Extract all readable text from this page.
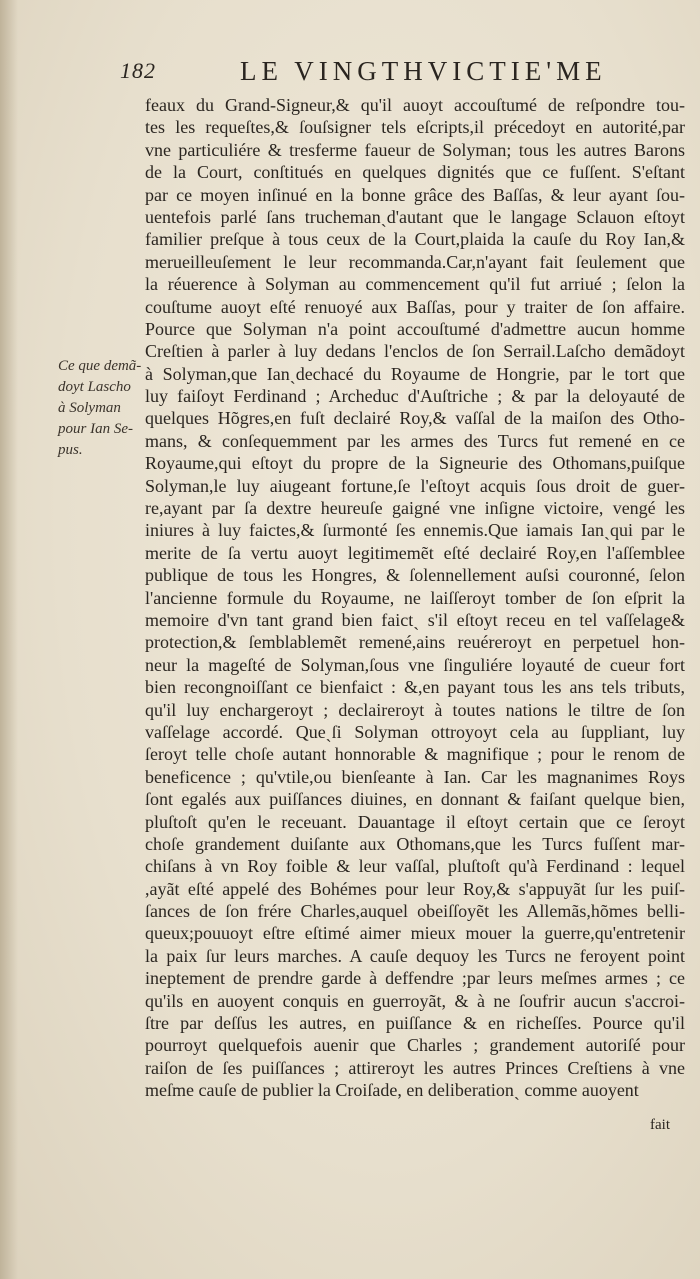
182	LE VINGTHVICTIE'ME
Ce que demã-
doyt Lascho
à Solyman
pour Ian Se-
pus.
feaux du Grand-Signeur,& qu'il auoyt accouſtumé de reſpondre tou-
tes les requeſtes,& ſouſsigner tels eſcripts,il précedoyt en autorité,par
vne particuliére & tresferme faueur de Solyman; tous les autres Barons
de la Court, conſtitués en quelques dignités que ce fuſſent. S'eſtant
par ce moyen inſinué en la bonne grâce des Baſſas, & leur ayant ſou-
uentefois parlé ſans truchemanˏd'autant que le langage Sclauon eſtoyt
familier preſque à tous ceux de la Court,plaida la cauſe du Roy Ian,&
merueilleuſement le leur recommanda.Car,n'ayant fait ſeulement que
la réuerence à Solyman au commencement qu'il fut arriué ; ſelon la
couſtume auoyt eſté renuoyé aux Baſſas, pour y traiter de ſon affaire.
Pource que Solyman n'a point accouſtumé d'admettre aucun homme
Creſtien à parler à luy dedans l'enclos de ſon Serrail.Laſcho demãdoyt
à Solyman,que Ianˏdechacé du Royaume de Hongrie, par le tort que
luy faiſoyt Ferdinand ; Archeduc d'Auſtriche ; & par la deloyauté de
quelques Hõgres,en fuſt declairé Roy,& vaſſal de la maiſon des Otho-
mans, & conſequemment par les armes des Turcs fut remené en ce
Royaume,qui eſtoyt du propre de la Signeurie des Othomans,puiſque
Solyman,le luy aiugeant fortune,ſe l'eſtoyt acquis ſous droit de guer-
re,ayant par ſa dextre heureuſe gaigné vne inſigne victoire, vengé les
iniures à luy faictes,& ſurmonté ſes ennemis.Que iamais Ianˏqui par le
merite de ſa vertu auoyt legitimemẽt eſté declairé Roy,en l'aſſemblee
publique de tous les Hongres, & ſolennellement auſsi couronné, ſelon
l'ancienne formule du Royaume, ne laiſſeroyt tomber de ſon eſprit la
memoire d'vn tant grand bien faictˏ s'il eſtoyt receu en tel vaſſelage&
protection,& ſemblablemẽt remené,ains reuéreroyt en perpetuel hon-
neur la mageſté de Solyman,ſous vne ſinguliére loyauté de cueur fort
bien recongnoiſſant ce bienfaict : &,en payant tous les ans tels tributs,
qu'il luy enchargeroyt ; declaireroyt à toutes nations le tiltre de ſon
vaſſelage accordé. Queˏſi Solyman ottroyoyt cela au ſuppliant, luy
ſeroyt telle choſe autant honnorable & magnifique ; pour le renom de
beneficence ; qu'vtile,ou bienſeante à Ian. Car les magnanimes Roys
ſont egalés aux puiſſances diuines, en donnant & faiſant quelque bien,
pluſtoſt qu'en le receuant. Dauantage il eſtoyt certain que ce ſeroyt
choſe grandement duiſante aux Othomans,que les Turcs fuſſent mar-
chiſans à vn Roy foible & leur vaſſal, pluſtoſt qu'à Ferdinand : lequel
,ayãt eſté appelé des Bohémes pour leur Roy,& s'appuyãt ſur les puiſ-
ſances de ſon frére Charles,auquel obeiſſoyẽt les Allemãs,hõmes belli-
queux;pouuoyt eſtre eſtimé aimer mieux mouer la guerre,qu'entretenir
la paix ſur leurs marches. A cauſe dequoy les Turcs ne feroyent point
ineptement de prendre garde à deffendre ;par leurs meſmes armes ; ce
qu'ils en auoyent conquis en guerroyãt, & à ne ſoufrir aucun s'accroi-
ſtre par deſſus les autres, en puiſſance & en richeſſes. Pource qu'il
pourroyt quelquefois auenir que Charles ; grandement autoriſé pour
raiſon de ſes puiſſances ; attireroyt les autres Princes Creſtiens à vne
meſme cauſe de publier la Croiſade, en deliberationˏ comme auoyent
fait
